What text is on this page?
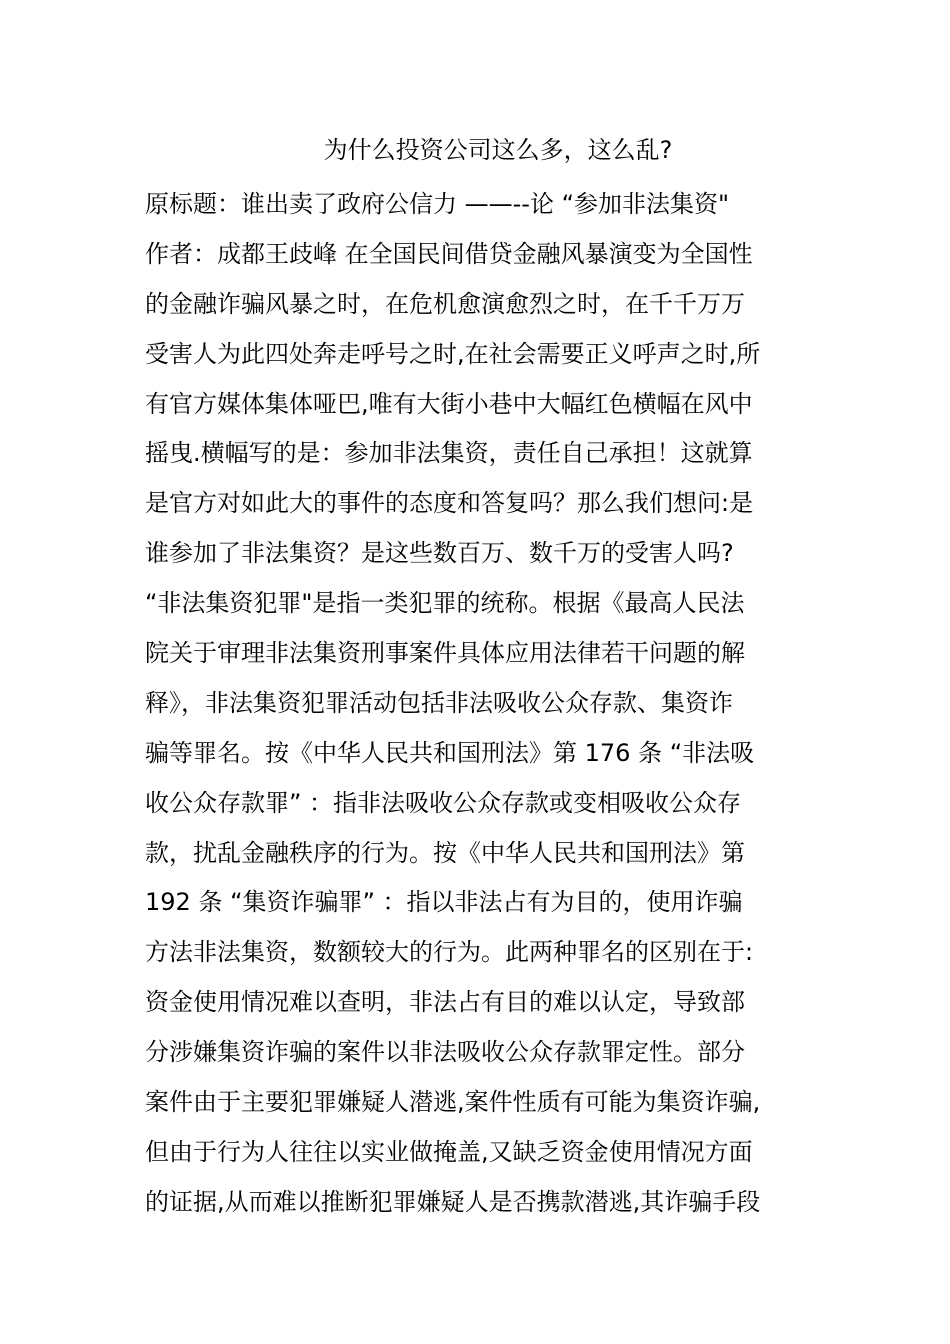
为什么投资公司这么多，这么乱?
原标题：谁出卖了政府公信力 ——--论 “参加非法集资"
作者：成都王歧峰 在全国民间借贷金融风暴演变为全国性
的金融诈骗风暴之时，在危机愈演愈烈之时，在千千万万
受害人为此四处奔走呼号之时,在社会需要正义呼声之时,所
有官方媒体集体哑巴,唯有大街小巷中大幅红色横幅在风中
摇曳.横幅写的是：参加非法集资，责任自己承担！这就算
是官方对如此大的事件的态度和答复吗？那么我们想问:是
谁参加了非法集资？是这些数百万、数千万的受害人吗?
“非法集资犯罪"是指一类犯罪的统称。根据《最高人民法
院关于审理非法集资刑事案件具体应用法律若干问题的解
释》，非法集资犯罪活动包括非法吸收公众存款、集资诈
骗等罪名。按《中华人民共和国刑法》第 176 条 “非法吸
收公众存款罪” ：指非法吸收公众存款或变相吸收公众存
款，扰乱金融秩序的行为。按《中华人民共和国刑法》第
192 条 “集资诈骗罪” ：指以非法占有为目的，使用诈骗
方法非法集资，数额较大的行为。此两种罪名的区别在于:
资金使用情况难以查明，非法占有目的难以认定，导致部
分涉嫌集资诈骗的案件以非法吸收公众存款罪定性。部分
案件由于主要犯罪嫌疑人潜逃,案件性质有可能为集资诈骗,
但由于行为人往往以实业做掩盖,又缺乏资金使用情况方面
的证据,从而难以推断犯罪嫌疑人是否携款潜逃,其诈骗手段
